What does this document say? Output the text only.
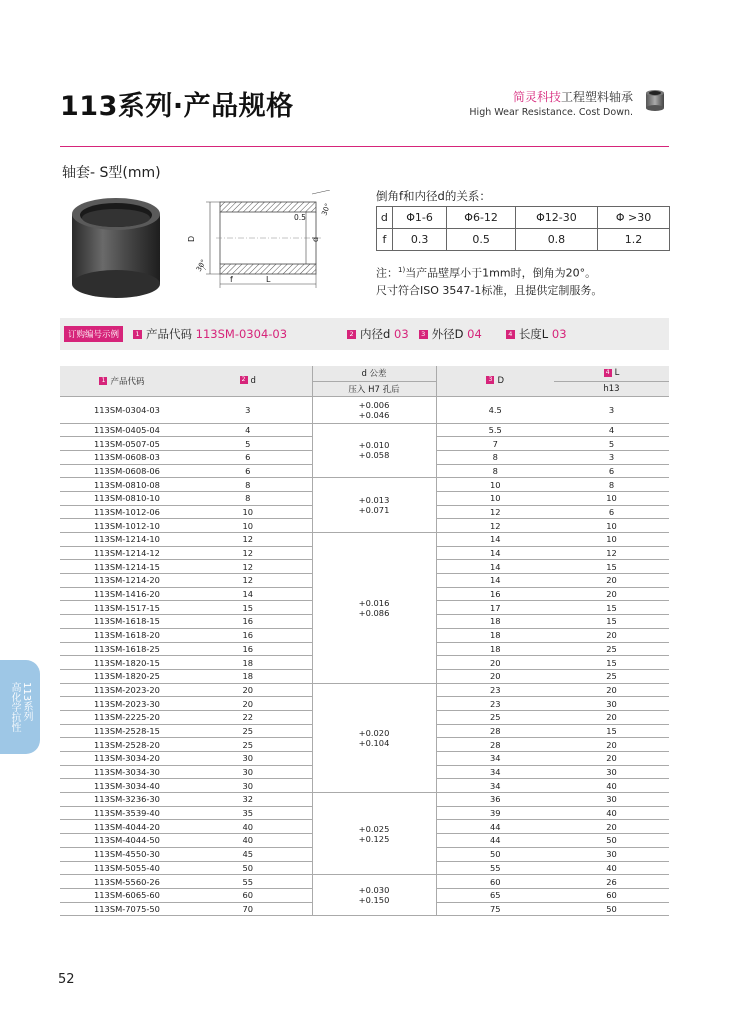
113系列·产品规格	简灵科技工程塑料轴承
High Wear Resistance. Cost Down.
轴套- S型(mm)
D	d
0.5
30°
30°
f	L
倒角f和内径d的关系：
d	Φ1-6	Φ6-12	Φ12-30	Φ >30
f	0.3	0.5	0.8	1.2
注：$^{1)}$当产品壁厚小于1mm时，倒角为20°。
尺寸符合ISO 3547-1标准，且提供定制服务。
订购编号示例	1 产品代码 113SM-0304-03	2 内径d 03	3 外径D 04	4 长度L 03
1 产品代码	2 d	d 公差	3 D	4 L
		压入 H7 孔后		h13
113SM-0304-03	3	+0.006
+0.046	4.5	3
113SM-0405-04	4	+0.010
+0.058	5.5	4
113SM-0507-05	5		7	5
113SM-0608-03	6		8	3
113SM-0608-06	6		8	6
113SM-0810-08	8	+0.013
+0.071	10	8
113SM-0810-10	8		10	10
113SM-1012-06	10		12	6
113SM-1012-10	10		12	10
113SM-1214-10	12	+0.016
+0.086	14	10
113SM-1214-12	12		14	12
113SM-1214-15	12		14	15
113SM-1214-20	12		14	20
113SM-1416-20	14		16	20
113SM-1517-15	15		17	15
113SM-1618-15	16		18	15
113SM-1618-20	16		18	20
113SM-1618-25	16		18	25
113SM-1820-15	18		20	15
113SM-1820-25	18		20	25
113SM-2023-20	20	+0.020
+0.104	23	20
113SM-2023-30	20		23	30
113SM-2225-20	22		25	20
113SM-2528-15	25		28	15
113SM-2528-20	25		28	20
113SM-3034-20	30		34	20
113SM-3034-30	30		34	30
113SM-3034-40	30		34	40
113SM-3236-30	32	+0.025
+0.125	36	30
113SM-3539-40	35		39	40
113SM-4044-20	40		44	20
113SM-4044-50	40		44	50
113SM-4550-30	45		50	30
113SM-5055-40	50		55	40
113SM-5560-26	55	+0.030
+0.150	60	26
113SM-6065-60	60		65	60
113SM-7075-50	70		75	50
113系列
高化学抗性
52
